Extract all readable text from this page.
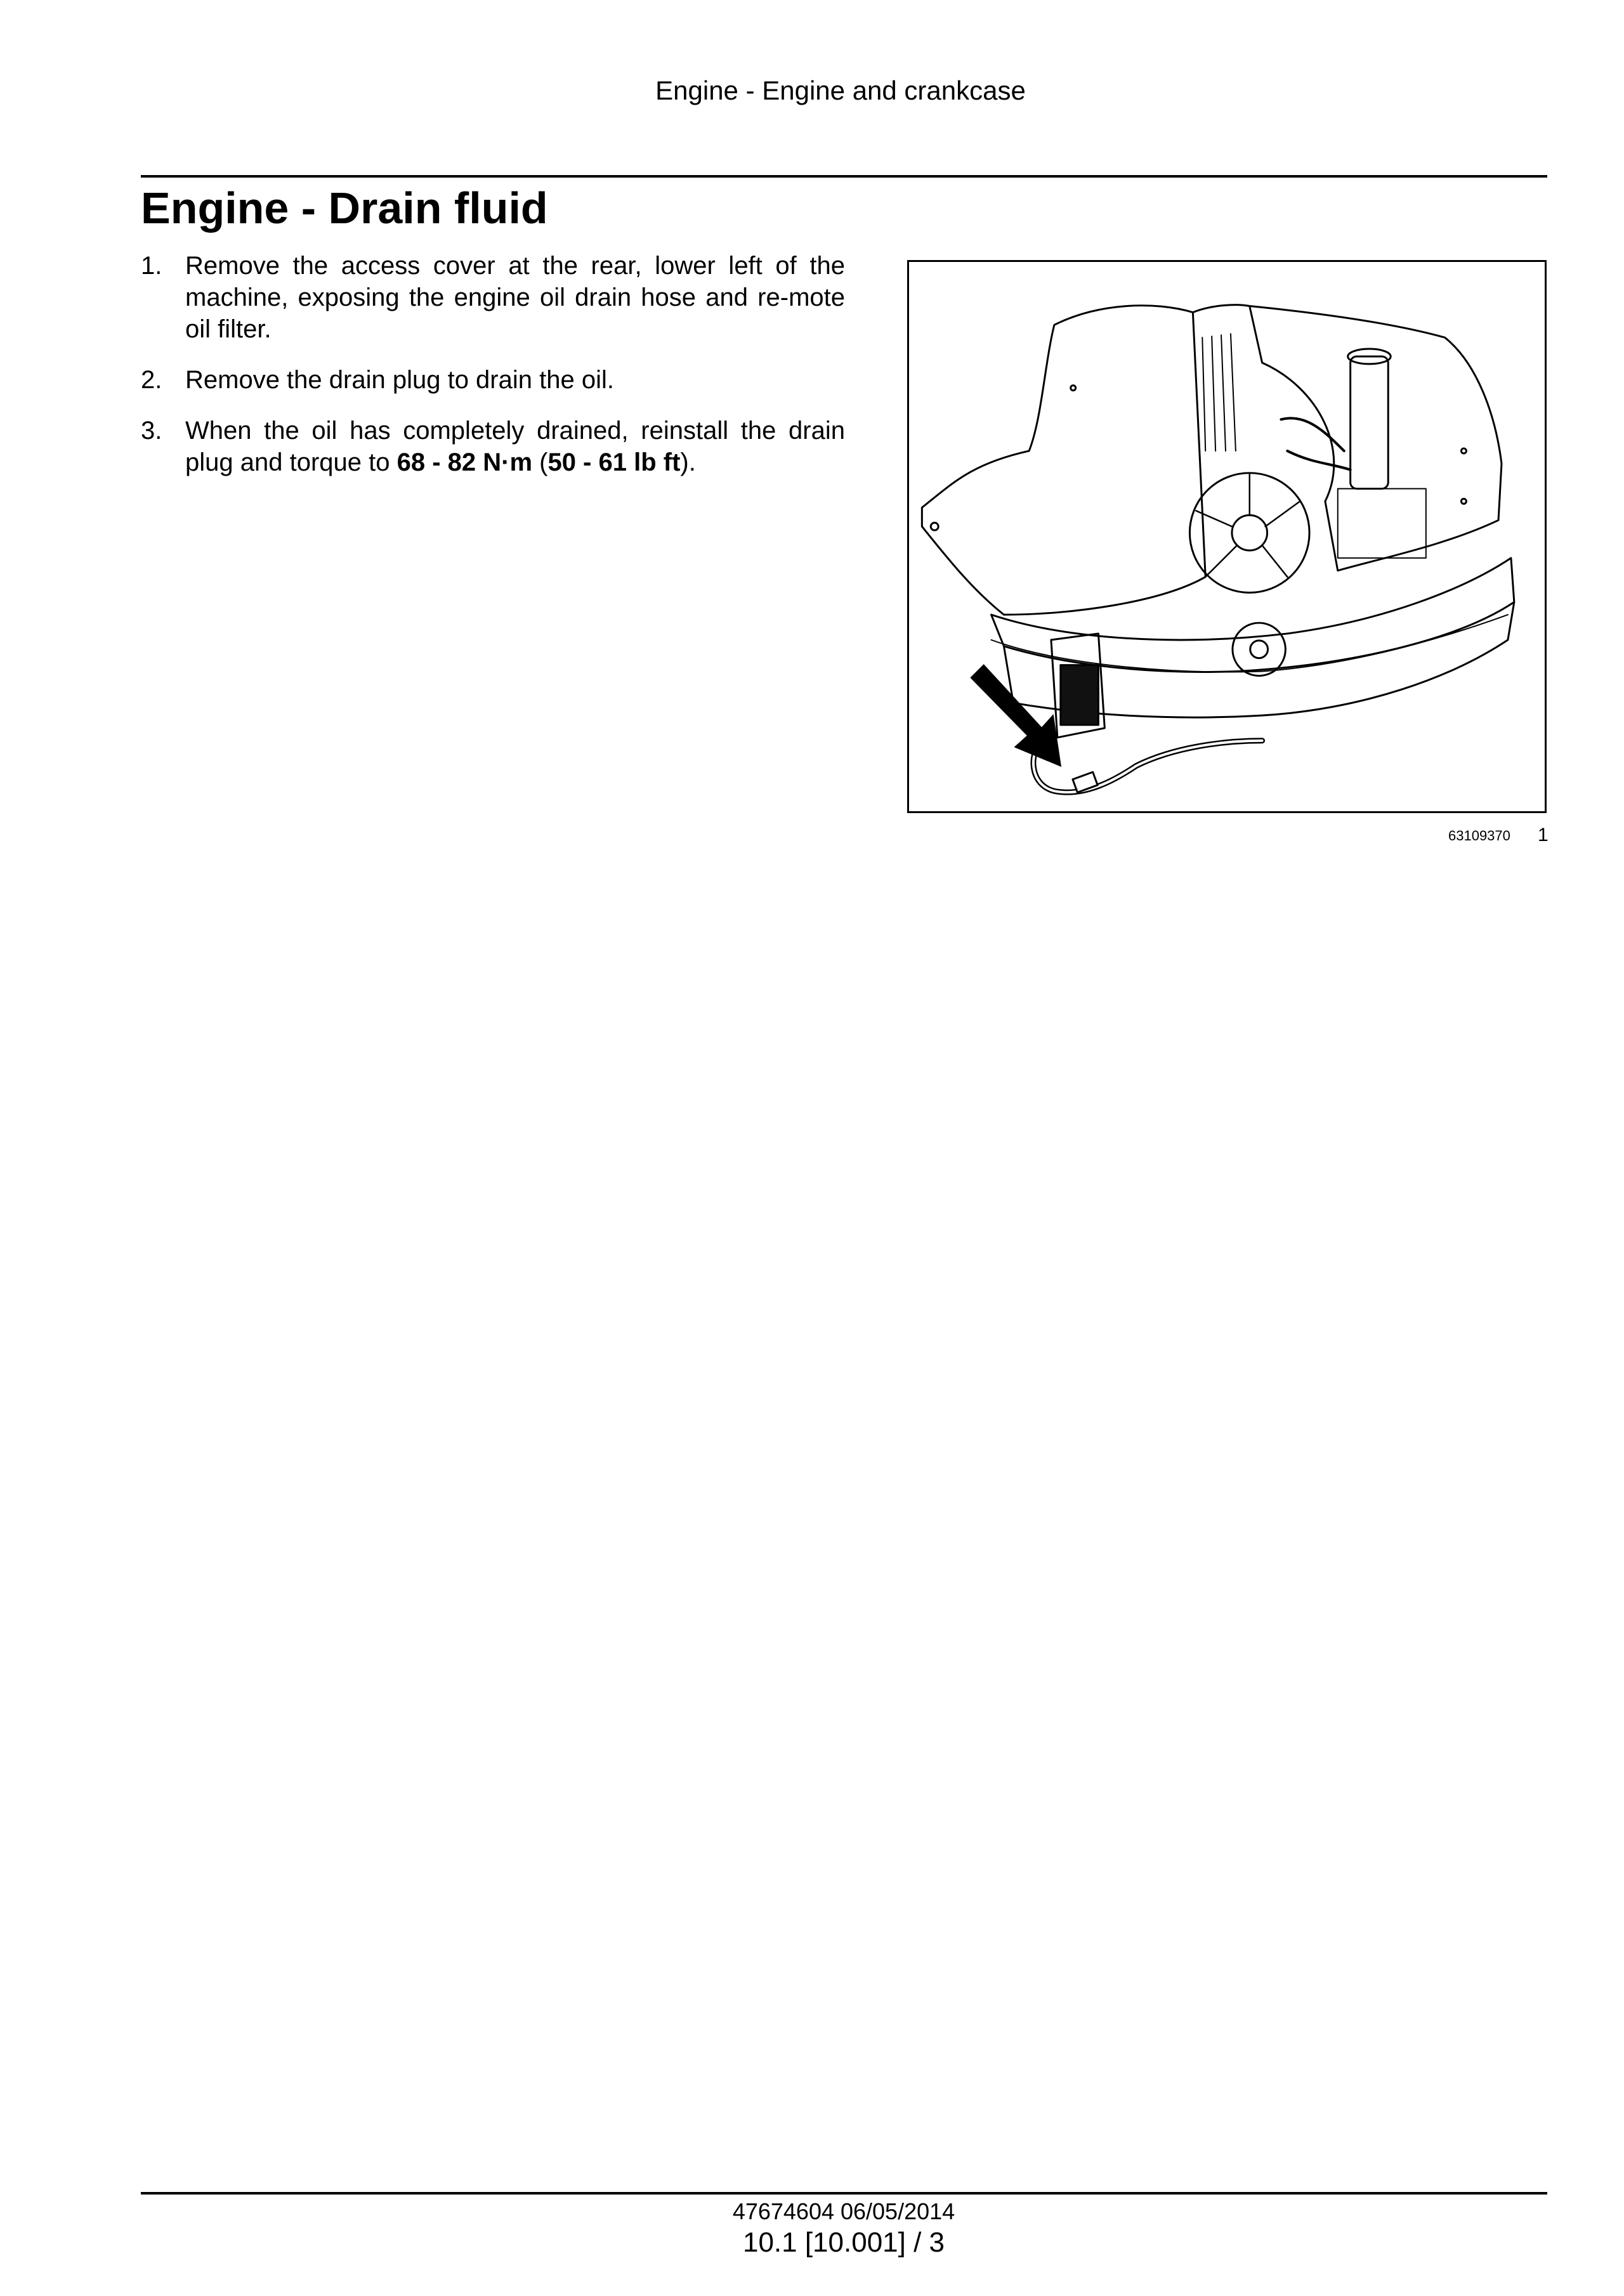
Engine - Engine and crankcase
Engine - Drain fluid
1. Remove the access cover at the rear, lower left of the machine, exposing the engine oil drain hose and re-mote oil filter.
2. Remove the drain plug to drain the oil.
3. When the oil has completely drained, reinstall the drain plug and torque to 68 - 82 N·m (50 - 61 lb ft).
63109370 1
47674604 06/05/2014
10.1 [10.001] / 3
